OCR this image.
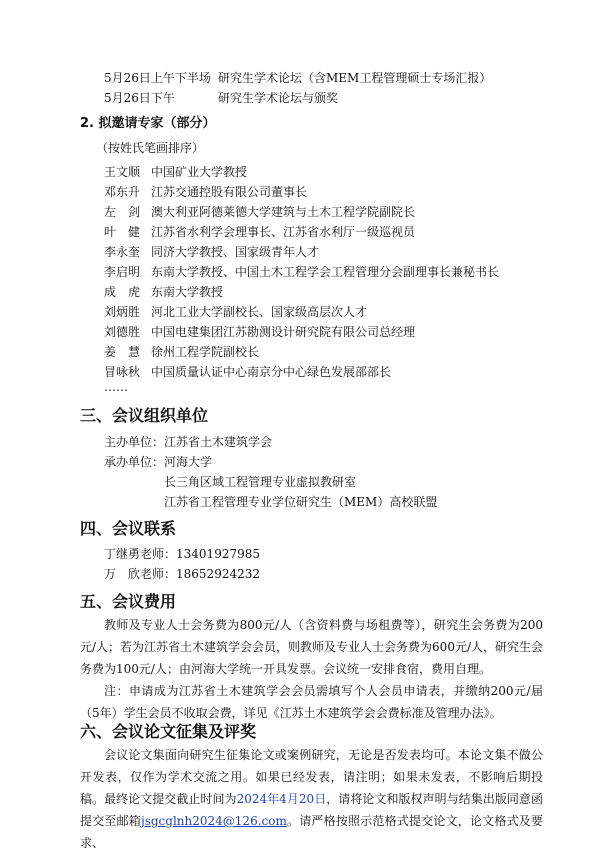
5月26日上午下半场 研究生学术论坛（含MEM工程管理硕士专场汇报）
5月26日下午	研究生学术论坛与颁奖
2. 拟邀请专家（部分）
（按姓氏笔画排序）
王文顺 中国矿业大学教授
邓东升 江苏交通控股有限公司董事长
左　剑 澳大利亚阿德莱德大学建筑与土木工程学院副院长
叶　健 江苏省水利学会理事长、江苏省水利厅一级巡视员
李永奎 同济大学教授、国家级青年人才
李启明 东南大学教授、中国土木工程学会工程管理分会副理事长兼秘书长
成　虎 东南大学教授
刘炳胜 河北工业大学副校长、国家级高层次人才
刘德胜 中国电建集团江苏勘测设计研究院有限公司总经理
姜　慧 徐州工程学院副校长
冒咏秋 中国质量认证中心南京分中心绿色发展部部长
……
三、会议组织单位
主办单位：江苏省土木建筑学会
承办单位：河海大学
长三角区域工程管理专业虚拟教研室
江苏省工程管理专业学位研究生（MEM）高校联盟
四、会议联系
丁继勇老师：13401927985
万　欣老师：18652924232
五、会议费用

教师及专业人士会务费为800元/人（含资料费与场租费等），研究生会务费为200元/人；若为江苏省土木建筑学会会员，则教师及专业人士会务费为600元/人，研究生会务费为100元/人；由河海大学统一开具发票。会议统一安排食宿，费用自理。

注：申请成为江苏省土木建筑学会会员需填写个人会员申请表，并缴纳200元/届（5年）学生会员不收取会费，详见《江苏土木建筑学会会费标准及管理办法》。

六、会议论文征集及评奖

会议论文集面向研究生征集论文或案例研究，无论是否发表均可。本论文集不做公开发表，仅作为学术交流之用。如果已经发表，请注明；如果未发表，不影响后期投稿。最终论文提交截止时间为2024年4月20日，请将论文和版权声明与结集出版同意函提交至邮箱jsgcglnh2024@126.com。请严格按照示范格式提交论文，论文格式及要求、
